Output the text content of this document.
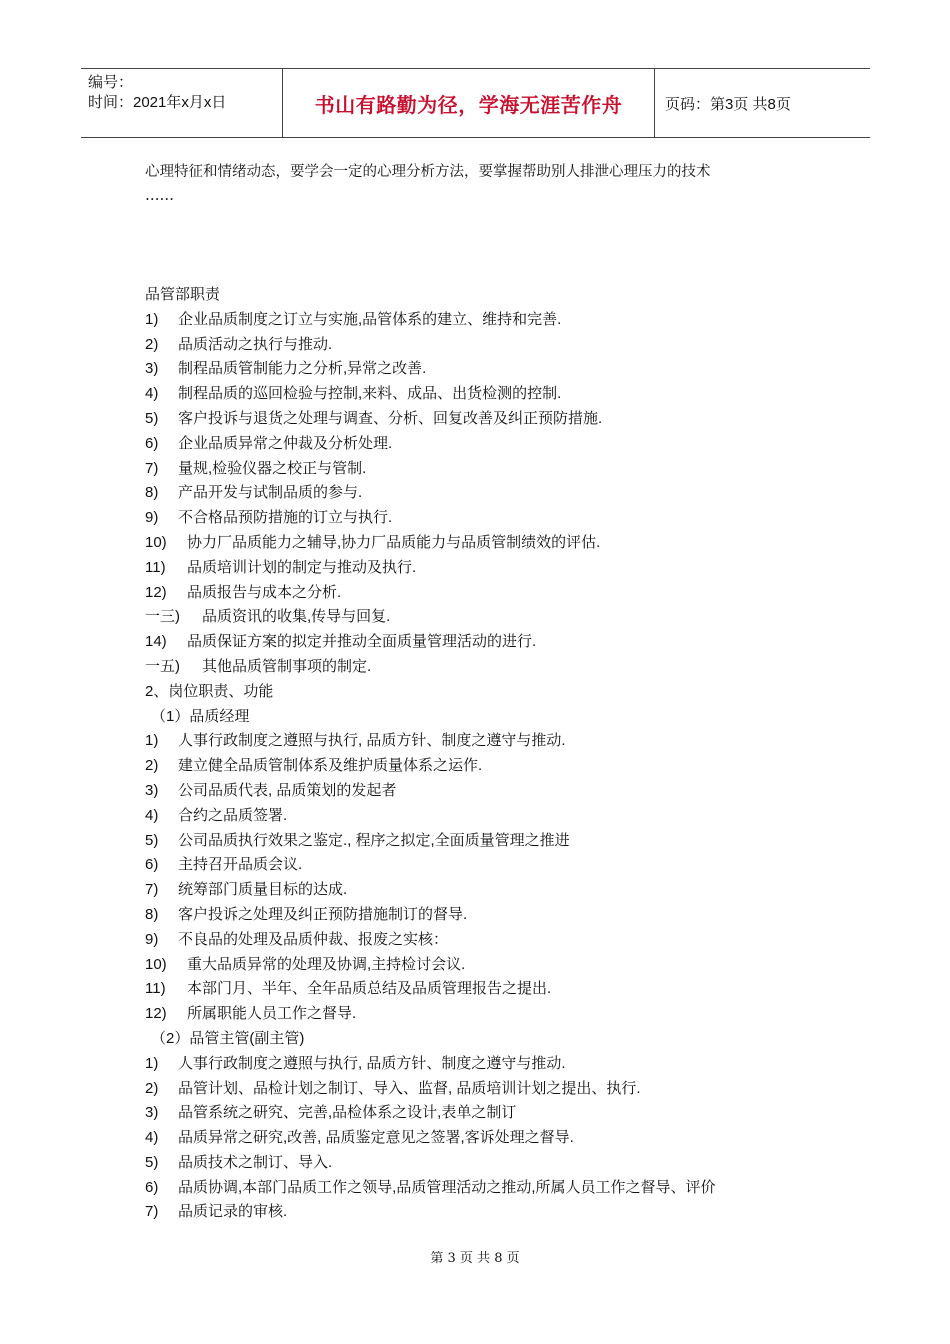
编号：
时间：2021年x月x日	书山有路勤为径，学海无涯苦作舟	页码：第3页 共8页
心理特征和情绪动态，要学会一定的心理分析方法，要掌握帮助别人排泄心理压力的技术
……
品管部职责
1)	企业品质制度之订立与实施,品管体系的建立、维持和完善.
2)	品质活动之执行与推动.
3)	制程品质管制能力之分析,异常之改善.
4)	制程品质的巡回检验与控制,来料、成品、出货检测的控制.
5)	客户投诉与退货之处理与调查、分析、回复改善及纠正预防措施.
6)	企业品质异常之仲裁及分析处理.
7)	量规,检验仪器之校正与管制.
8)	产品开发与试制品质的参与.
9)	不合格品预防措施的订立与执行.
10)	协力厂品质能力之辅导,协力厂品质能力与品质管制绩效的评估.
11)	品质培训计划的制定与推动及执行.
12)	品质报告与成本之分析.
一三)	品质资讯的收集,传导与回复.
14)	品质保证方案的拟定并推动全面质量管理活动的进行.
一五)	其他品质管制事项的制定.
2、岗位职责、功能
（1）品质经理
1)	人事行政制度之遵照与执行, 品质方针、制度之遵守与推动.
2)	建立健全品质管制体系及维护质量体系之运作.
3)	公司品质代表, 品质策划的发起者
4)	合约之品质签署.
5)	公司品质执行效果之鉴定., 程序之拟定,全面质量管理之推进
6)	主持召开品质会议.
7)	统筹部门质量目标的达成.
8)	客户投诉之处理及纠正预防措施制订的督导.
9)	不良品的处理及品质仲裁、报废之实核：
10)	重大品质异常的处理及协调,主持检讨会议.
11)	本部门月、半年、全年品质总结及品质管理报告之提出.
12)	所属职能人员工作之督导.
（2）品管主管(副主管)
1)	人事行政制度之遵照与执行, 品质方针、制度之遵守与推动.
2)	品管计划、品检计划之制订、导入、监督, 品质培训计划之提出、执行.
3)	品管系统之研究、完善,品检体系之设计,表单之制订
4)	品质异常之研究,改善, 品质鉴定意见之签署,客诉处理之督导.
5)	品质技术之制订、导入.
6)	品质协调,本部门品质工作之领导,品质管理活动之推动,所属人员工作之督导、评价
7)	品质记录的审核.
第 3 页 共 8 页
